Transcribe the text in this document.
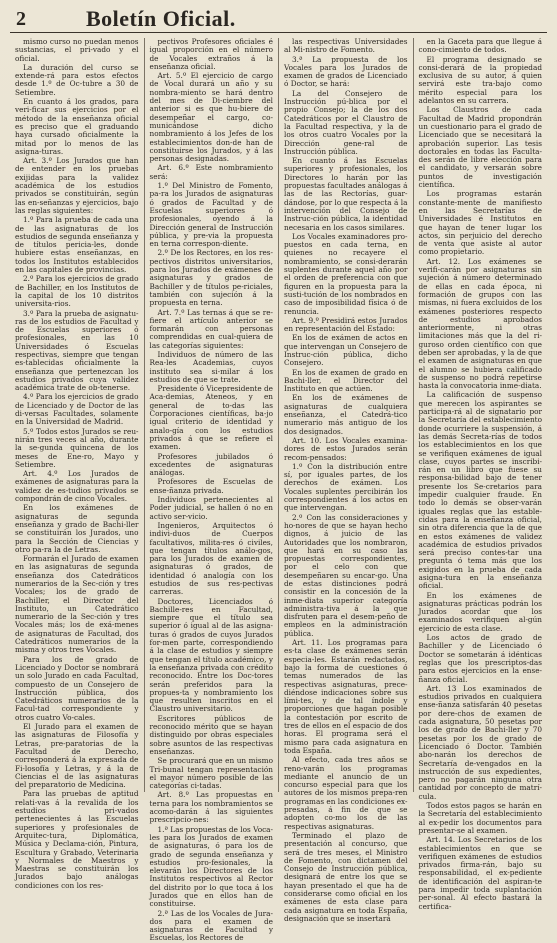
2	Boletín Oficial.

mismo curso no puedan menos sustancias, el pri-vado y el oficial.

La duración del curso se extende-rá para estos efectos desde 1.º de Oc-tubre a 30 de Setiembre.

En cuanto á los grados, para veri-ficar sus ejercicios por el método de la enseñanza oficial es preciso que el graduando haya cursado oficialmente la mitad por lo menos de las asigna-turas.

Art. 3.º Los Jurados que han de entender en los pruebas exijidas para la validez académica de los estudios privados se constituirán, según las en-señanzas y ejercicios, bajo las reglas siguientes:

1.º Para la prueba de cada una de las asignaturas de los estudios de segunda enseñanza y de títulos pericia-les, donde hubiere estas enseñanzas, en todos los Institutos establecidos en las capitales de provincias.

2.º Para los ejercicios de grado de Bachiller, en los Institutos de la capital de los 10 distritos universita-rios.

3.º Para la prueba de asignatu-ras de los estudios de Facultad y de Escuelas superiores ó profesionales, en las 10 Universidades ó Escuelas respectivas, siempre que tengan es-tablecidas oficialmente la enseñanza que pertenezcan los estudios privados cuya validez académica trate de ob-tenerse.

4.º Para los ejercicios de grado de Licenciado y de Doctor de las di-versas Facultades, solamente en la Universidad de Madrid.

5.º Todos estos Jurados se reu-nirán tres veces al año, durante la se-gunda quincena de los meses de Ene-ro, Mayo y Setiembre.

Art. 4.º Los Jurados de exámenes de asignaturas para la validez de es-tudios privados se compondrán de cinco Vocales.

En los exámenes de asignaturas de segunda enseñanza y grado de Bachi-ller se constituirán los Jurados, uno para la Sección de Ciencias y otro pa-ra la de Letras.

Formarán el Jurado de examen en las asignaturas de segunda enseñanza dos Catedráticos numerarios de la Sec-ción y tres Vocales; los de grado de Bachiller, el Director del Instituto, un Catedrático numerario de la Sec-ción y tres Vocales más; los de exá-menes de asignaturas de Facultad, dos Catedráticos numerarios de la misma y otros tres Vocales.

Para los de grado de Licenciado y Doctor se nombrará un solo Jurado en cada Facultad, compuesto de un Consejero de Instrucción pública, dos Catedráticos numerarios de la Facul-tad correspondiente y otros cuatro Vo-cales.

El Jurado para el examen de las asignaturas de Filosofía y Letras, pre-paratorias de la Facultad de Derecho, corresponderá á la expresada de Fi-losofía y Letras, y á la de Ciencias el de las asignaturas del preparatorio de Medicina.

Para las pruebas de aptitud relati-vas á la revalida de los estudios pri-vados pertenecientes á las Escuelas superiores y profesionales de Arquitec-tura, Diplomática, Música y Declama-ción, Pintura, Escultura y Grabado, Veterinaria y Normales de Maestros y Maestras se constituirán los Jurados bajo análogas condiciones con los res-

pectivos Profesores oficiales é igual proporción en el número de Vocales extraños á la enseñanza oficial.

Art. 5.º El ejercicio de cargo de Vocal durará un año y su nombra-miento se hará dentro del mes de Di-ciembre del anterior si es que hu-biere de desempeñar el cargo, co-municándose dicho nombramiento á los Jefes de los establecimientos don-de han de constituirse los Jurados, y á las personas designadas.

Art. 6.º Este nombramiento será:

1.º Del Ministro de Fomento, pa-ra los Jurados de asignaturas ó grados de Facultad y de Escuelas superiores ó profesionales, oyendo á la Dirección general de Instrucción pública, y pre-via la propuesta en terna correspon-diente.

2.º De los Rectores, en los res-pectivos distritos universitarios, para los Jurados de exámenes de asignaturas y grados de Bachiller y de títulos pe-riciales, también con sujeción á la propuesta en terna.

Art. 7.º Las ternas á que se re-fiere el artículo anterior se formarán con personas comprendidas en cual-quiera de las categorías siguientes:

Individuos de número de las Rea-les Academias, cuyos instituto sea si-milar á los estudios de que se trate.

Presidente ó Vicepresidente de Aca-demias, Ateneos, y en general de to-das las Corporaciones científicas, ba-jo igual criterio de identidad y analo-gía con los estudios privados á que se refiere el examen.

Profesores jubilados ó excedentes de asignaturas análogas.

Profesores de Escuelas de ense-ñanza privada.

Individuos pertenecientes al Poder judicial, se hallen ó no en activo ser-vicio.

Ingenieros, Arquitectos ó indivi-duos de Cuerpos facultativos, milita-res ó civiles, que tengan títulos análo-gos, para los Jurados de examen de asignaturas ó grados, de identidad ó analogía con los estudios de sus res-pectivas carreras.

Doctores, Licenciados ó Bachille-res en Facultad, siempre que el título sea superior ó igual al de las asigna-turas ó grados de cuyos Jurados for-men parte, correspondiendo á la clase de estudios y siempre que tengan el título académico, y la enseñanza privada con crédito reconocido. Entre los Doc-tores serán preferidos para la propues-ta y nombramiento los que resulten inscritos en el Claustro universitario.

Escritores públicos de reconocido mérito que se hayan distinguido por obras especiales sobre asuntos de las respectivas enseñanzas.

Se procurará que en un mismo Tri-bunal tengan representación el mayor número posible de las categorías ci-tadas.

Art. 8.º Las propuestas en terna para los nombramientos se acomo-darán á las siguientes prescripcio-nes:

1.ª Las propuestas de los Voca-les para los Jurados de examen de asignaturas, ó para los de grado de segunda enseñanza y estudios pro-fesionales, la elevarán los Directores de los Institutos respectivos al Rector del distrito por lo que toca á los Jurados que en ellos han de constituirse.

2.ª Las de los Vocales de Jura-dos para el examen de asignaturas de Facultad y Escuelas, los Rectores de

las respectivas Universidades al Mi-nistro de Fomento.

3.ª La propuesta de los Vocales para los Jurados de examen de grados de Licenciado ó Doctor, se hará:

La del Consejero de Instrucción pú-blica por el propio Consejo; la de los dos Catedráticos por el Claustro de la Facultad respectiva, y la de los otros cuatro Vocales por la Dirección gene-ral de Instrucción pública.

En cuanto á las Escuelas superiores y profesionales, los Directores lo harán por las propuestas facultades análogas á las de las Rectorías, guar-dándose, por lo que respecta á la intervención del Consejo de Instruc-ción pública, la identidad necesaria en los casos similares.

Los Vocales examinadores pro-puestos en cada terna, en quienes no recayere el nombramiento, se consi-derarán suplentes durante aquel año por el orden de preferencia con que figuren en la propuesta para la susti-tución de los nombrados en caso de imposibilidad física ó de renuncia.

Art. 9.º Presidirá estos Jurados en representación del Estado:

En los de exámen de actos en que intervengan un Consejero de Instruc-ción pública, dicho Consejero.

En los de examen de grado en Bachi-ller, el Director del Instituto en que actúen.

En los de exámenes de asignaturas de cualquiera enseñanza, el Catedrá-tico numerario más antiguo de los dos designados.

Art. 10. Los Vocales examina-dores de estos Jurados serán recom-pensados:

1.º Con la distribución entre sí, por iguales partes, de los derechos de exámen. Los Vocales suplentes percibirán los correspondientes á los actos en que intervengan.

2.º Con las consideraciones y ho-nores de que se hayan hecho dignos, á juicio de las Autoridades que los nombraron, que hará en su caso las propuestas correspondientes, por el celo con que desempeñaren su encar-go. Una de estas distinciones podrá consistir en la concesión de la inme-diata superior categoría administra-tiva á la que disfruten para el desem-peño de empleos en la administración pública.

Art. 11. Los programas para es-ta clase de exámenes serán especia-les. Estarán redactados, bajo la forma de cuestiones ó temas numerados de las respectivas asignaturas, prece-diéndose indicaciones sobre sus lími-tes, y de tal índole y proporciones que hagan posible la contestación por escrito de tres de ellos en el espacio de dos horas. El programa será el mismo para cada asignatura en toda España.

Al efecto, cada tres años se reno-varán los programas mediante el anuncio de un concurso especial para que los autores de los mismos prepa-ren programas en las condiciones ex-presadas, á fin de que se adopten co-mo los de las respectivas asignaturas.

Terminado el plazo de presentación al concurso, que será de tres meses, el Ministro de Fomento, con dictamen del Consejo de Instrucción pública, designará de entre los que se hayan presentado el que ha de considerarse como oficial en los exámenes de esta clase para cada asignatura en toda España, designación que se insertará

en la Gaceta para que llegue á cono-cimiento de todos.

El programa designado se consi-derará de la propiedad exclusiva de su autor, á quien servirá este tra-bajo como mérito especial para los adelantos en su carrera.

Los Claustros de cada Facultad de Madrid propondrán un cuestionario para el grado de Licenciado que se necesitará la aprobación superior. Las tesis doctorales en todas las Faculta-des serán de libre elección para el candidato, y versarán sobre puntos de investigación científica.

Los programas estarán constante-mente de manifiesto en las Secretarías de Universidades é Institutos en que hayan de tener lugar los actos, sin perjuicio del derecho de venta que asiste al autor como propietario.

Art. 12. Los exámenes se verifi-carán por asignaturas sin sujeción á número determinado de ellas en cada época, ni formación de grupos con las mismas, ni fuera excluidos de los exámenes posteriores respecto de estudios aprobados anteriormente, ni otras limitaciones más que la del ri-guroso orden científico con que deben ser aprobadas, y la de que el examen de asignaturas en que el alumno se hubiera calificado de suspenso no podrá repetirse hasta la convocatoria inme-diata.

La calificación de suspenso que merecen los aspirantes se participa-rá al de signatario por la Secretaría del establecimiento donde ocurriere la suspensión, á las demás Secreta-rías de todos los establecimientos en los que se verifiquen exámenes de igual clase, cuyos partes se inscribi-rán en un libro que fuese su responsa-bilidad bajo de tener presente los Se-cretarios para impedir cualquier fraude. En todo lo demás se obser-varán iguales reglas que las estable-cidas para la enseñanza oficial, sin otra diferencia que la de que en estos exámenes de validez académica de estudios privados será preciso contes-tar una pregunta ó tema más que los exigidos en la prueba de cada asigna-tura en la enseñanza oficial.

En los exámenes de asignaturas prácticas podrán los Jurados acordar que los examinados verifiquen al-gún ejercicio de esta clase.

Los actos de grado de Bachiller y de Licenciado ó Doctor se sometarán á idénticas reglas que los prescriptos-das para estos ejercicios en la ense-ñanza oficial.

Art. 13 Los examinados de estudios privados en cualquiera ense-ñanza satisfarán 40 pesetas por dere-chos de examen de cada asignatura, 50 pesetas por los de grado de Bachi-ller y 70 pesetas por los de grado de Licenciado ó Doctor. También abo-narán los derechos de Secretaría de-vengados en la instrucción de sus expedientes, pero no pagarán ninguna otra cantidad por concepto de matrí-cula.

Todos estos pagos se harán en la Secretaría del establecimiento al ex-pedir los documentos para presentar-se al examen.

Art. 14. Los Secretarios de los establecimientos en que se verifiquen exámenes de estudios privados firma-rán, bajo su responsabilidad, el ex-pediente de identificación del aspiran-te para impedir toda suplantación per-sonal. Al efecto bastará la certifica-
